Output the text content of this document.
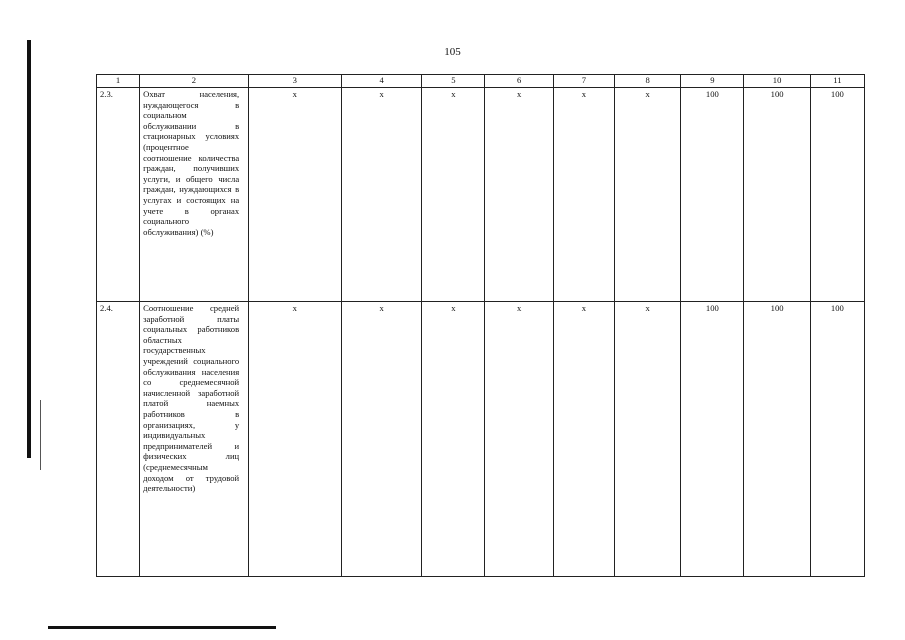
105
1	2	3	4	5	6	7	8	9	10	11
2.3.	Охват населения, нуждающегося в социальном обслуживании в стационарных условиях (процентное соотношение количества граждан, получивших услуги, и общего числа граждан, нуждающихся в услугах и состоящих на учете в органах социального обслуживания) (%)	х	х	х	х	х	х	100	100	100
2.4.	Соотношение средней заработной платы социальных работников областных государственных учреждений социального обслуживания населения со среднемесячной начисленной заработной платой наемных работников в организациях, у индивидуальных предпринимателей и физических лиц (среднемесячным доходом от трудовой деятельности)	х	х	х	х	х	х	100	100	100
